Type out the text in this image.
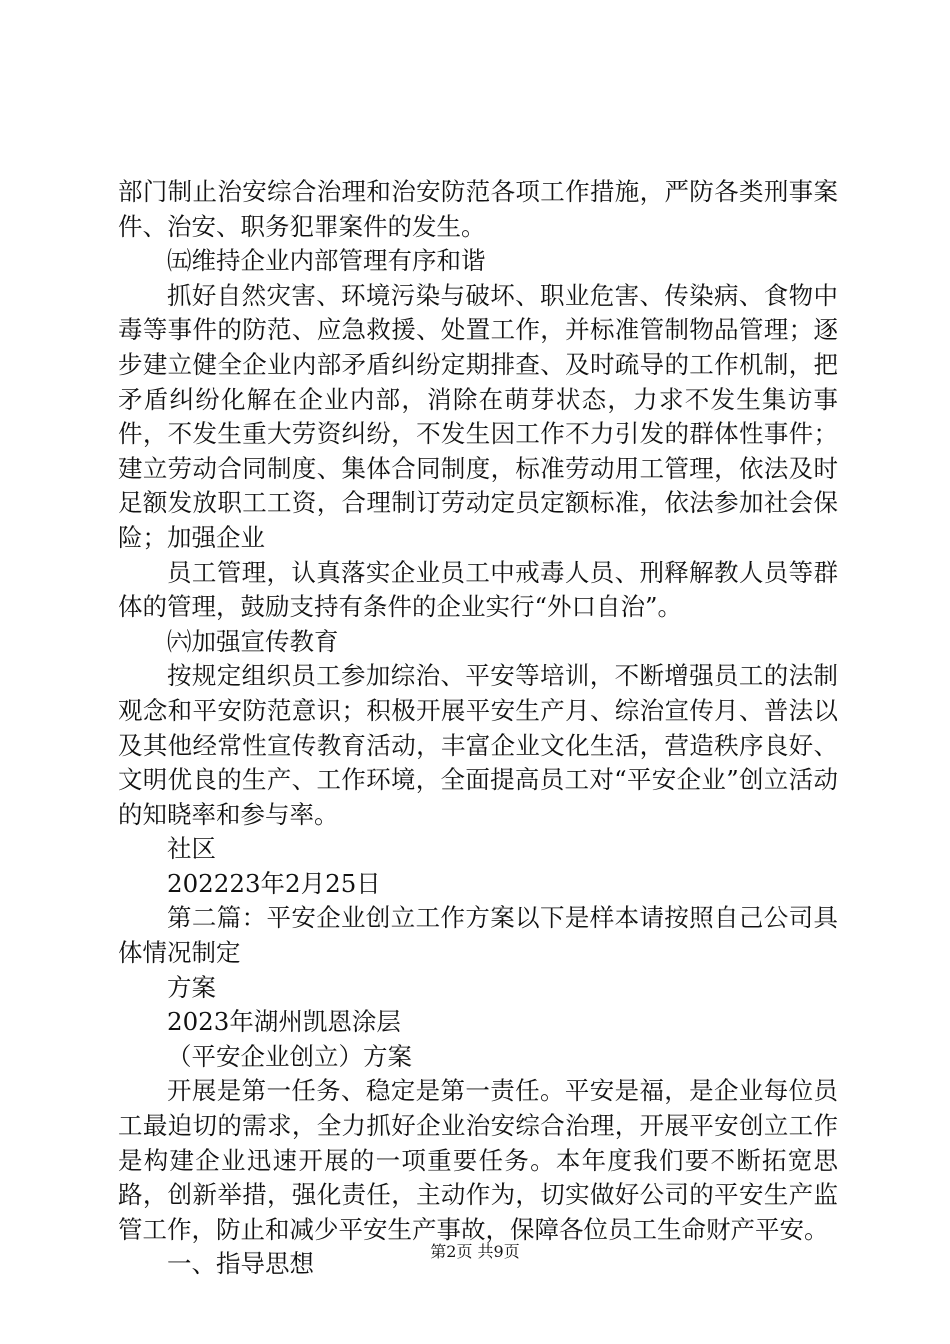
部门制止治安综合治理和治安防范各项工作措施，严防各类刑事案件、治安、职务犯罪案件的发生。

㈤维持企业内部管理有序和谐

抓好自然灾害、环境污染与破坏、职业危害、传染病、食物中毒等事件的防范、应急救援、处置工作，并标准管制物品管理；逐步建立健全企业内部矛盾纠纷定期排查、及时疏导的工作机制，把矛盾纠纷化解在企业内部，消除在萌芽状态，力求不发生集访事件，不发生重大劳资纠纷，不发生因工作不力引发的群体性事件；建立劳动合同制度、集体合同制度，标准劳动用工管理，依法及时足额发放职工工资，合理制订劳动定员定额标准，依法参加社会保险；加强企业

员工管理，认真落实企业员工中戒毒人员、刑释解教人员等群体的管理，鼓励支持有条件的企业实行“外口自治”。

㈥加强宣传教育

按规定组织员工参加综治、平安等培训，不断增强员工的法制观念和平安防范意识；积极开展平安生产月、综治宣传月、普法以及其他经常性宣传教育活动，丰富企业文化生活，营造秩序良好、文明优良的生产、工作环境，全面提高员工对“平安企业”创立活动的知晓率和参与率。

社区

202223年2月25日

第二篇：平安企业创立工作方案以下是样本请按照自己公司具体情况制定

方案

2023年湖州凯恩涂层

（平安企业创立）方案

开展是第一任务、稳定是第一责任。平安是福，是企业每位员工最迫切的需求，全力抓好企业治安综合治理，开展平安创立工作是构建企业迅速开展的一项重要任务。本年度我们要不断拓宽思路，创新举措，强化责任，主动作为，切实做好公司的平安生产监管工作，防止和减少平安生产事故，保障各位员工生命财产平安。

一、指导思想	第2页 共9页
